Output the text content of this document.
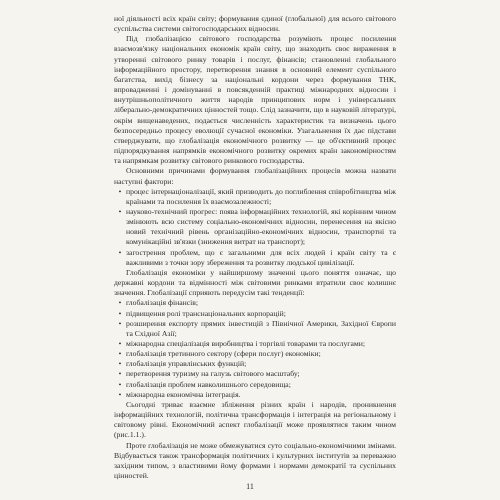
ної діяльності всіх країн світу; формування єдиної (глобальної) для всього світового суспільства системи світогосподарських відносин.

Під глобалізацією світового господарства розуміють процес посилення взаємозв'язку національних економік країн світу, що знаходить своє вираження в утворенні світового ринку товарів і послуг, фінансів; становленні глобального інформаційного простору, перетворення знання в основний елемент суспільного багатства, вихід бізнесу за національні кордони через формування ТНК, впровадженні і домінуванні в повсякденній практиці міжнародних відносин і внутрішньополітичного життя народів принципових норм і універсальних ліберально-демократичних цінностей тощо. Слід зазначити, що в науковій літературі, окрім вищенаведених, подається численність характеристик та визначень цього безпосередньо процесу еволюції сучасної економіки. Узагальнення їх дає підстави стверджувати, що глобалізація економічного розвитку — це об'єктивний процес підпорядкування напрямків економічного розвитку окремих країн закономірностям та напрямкам розвитку світового ринкового господарства.

Основними причинами формування глобалізаційних процесів можна назвати наступні фактори:

• процес інтернаціоналізації, який призводить до поглиблення співробітництва між країнами та посилення їх взаємозалежності;
• науково-технічний прогрес: поява інформаційних технологій, які корінним чином змінюють всю систему соціально-економічних відносин, перенесення на якісно новий технічний рівень організаційно-економічних відносин, транспортні та комунікаційні зв'язки (зниження витрат на транспорт);
• загострення проблем, що є загальними для всіх людей і країн світу та є важливими з точки зору збереження та розвитку людської цивілізації.

Глобалізація економіки у найширшому значенні цього поняття означає, що державні кордони та відмінності між світовими ринками втратили своє колишнє значення. Глобалізації сприяють передусім такі тенденції:

• глобалізація фінансів;
• підвищення ролі транснаціональних корпорацій;
• розширення експорту прямих інвестицій з Північної Америки, Західної Європи та Східної Азії;
• міжнародна спеціалізація виробництва і торгівлі товарами та послугами;
• глобалізація третинного сектору (сфери послуг) економіки;
• глобалізація управлінських функцій;
• перетворення туризму на галузь світового масштабу;
• глобалізація проблем навколишнього середовища;
• міжнародна економічна інтеграція.

Сьогодні триває взаємне збліження різних країн і народів, проникнення інформаційних технологій, політична трансформація і інтеграція на регіональному і світовому рівні. Економічний аспект глобалізації може проявлятися таким чином (рис.1.1.).

Проте глобалізація не може обмежуватися суто соціально-економічними змінами. Відбувається також трансформація політичних і культурних інститутів за переважно західним типом, з властивими йому формами і нормами демократії та суспільних цінностей.

11
